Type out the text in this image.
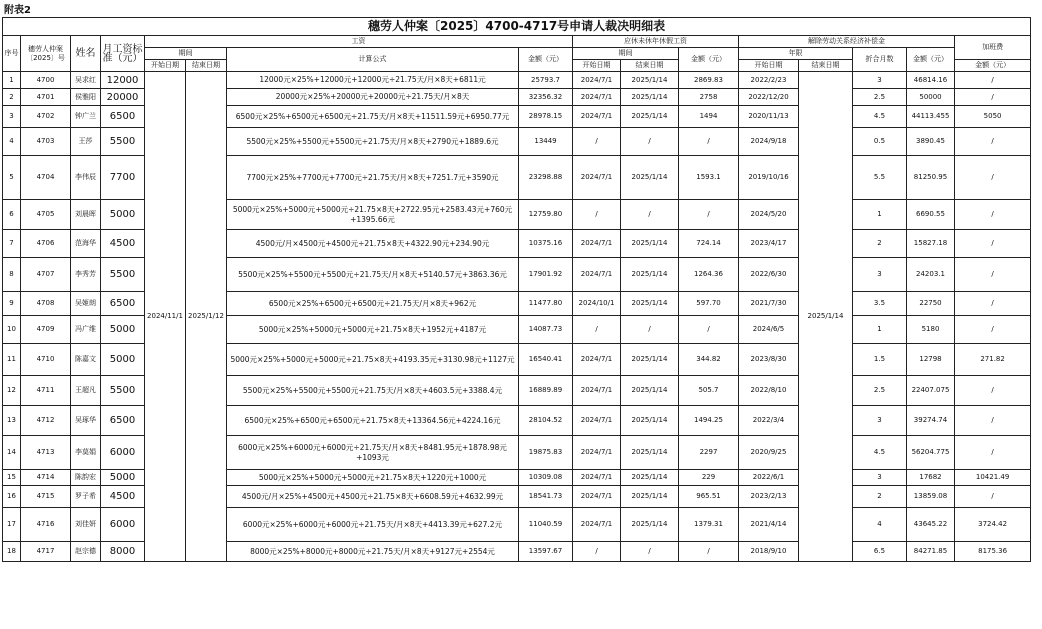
附表2
穗劳人仲案〔2025〕4700-4717号申请人裁决明细表															
序号	穗劳人仲案〔2025〕号	姓名	月工资标准（元）	工资				应休未休年休假工资			解除劳动关系经济补偿金				加班费
				期间		计算公式	金额（元）	期间		金额（元）	年限		折合月数	金额（元）	
				开始日期	结束日期			开始日期	结束日期		开始日期	结束日期			金额（元）
1	4700	吴求红	12000	2024/11/1	2025/1/12	12000元×25%+12000元+12000元÷21.75天/月×8天+6811元	25793.7	2024/7/1	2025/1/14	2869.83	2022/2/23	2025/1/14	3	46814.16	/
2	4701	侯雅阳	20000			20000元×25%+20000元+20000元÷21.75天/月×8天	32356.32	2024/7/1	2025/1/14	2758	2022/12/20		2.5	50000	/
3	4702	钟广兰	6500			6500元×25%+6500元+6500元÷21.75天/月×8天+11511.59元+6950.77元	28978.15	2024/7/1	2025/1/14	1494	2020/11/13		4.5	44113.455	5050
4	4703	王莎	5500			5500元×25%+5500元+5500元÷21.75天/月×8天+2790元+1889.6元	13449	/	/	/	2024/9/18		0.5	3890.45	/
5	4704	李伟辰	7700			7700元×25%+7700元+7700元÷21.75天/月×8天+7251.7元+3590元	23298.88	2024/7/1	2025/1/14	1593.1	2019/10/16		5.5	81250.95	/
6	4705	刘晨晖	5000			5000元×25%+5000元+5000元÷21.75×8天+2722.95元+2583.43元+760元+1395.66元	12759.80	/	/	/	2024/5/20		1	6690.55	/
7	4706	范海华	4500			4500元/月×4500元+4500元÷21.75×8天+4322.90元+234.90元	10375.16	2024/7/1	2025/1/14	724.14	2023/4/17		2	15827.18	/
8	4707	李秀芳	5500			5500元×25%+5500元+5500元÷21.75天/月×8天+5140.57元+3863.36元	17901.92	2024/7/1	2025/1/14	1264.36	2022/6/30		3	24203.1	/
9	4708	吴姬朗	6500			6500元×25%+6500元+6500元÷21.75天/月×8天+962元	11477.80	2024/10/1	2025/1/14	597.70	2021/7/30		3.5	22750	/
10	4709	冯广维	5000			5000元×25%+5000元+5000元÷21.75×8天+1952元+4187元	14087.73	/	/	/	2024/6/5		1	5180	/
11	4710	陈嘉文	5000			5000元×25%+5000元+5000元÷21.75×8天+4193.35元+3130.98元+1127元	16540.41	2024/7/1	2025/1/14	344.82	2023/8/30		1.5	12798	271.82
12	4711	王超凡	5500			5500元×25%+5500元+5500元÷21.75天/月×8天+4603.5元+3388.4元	16889.89	2024/7/1	2025/1/14	505.7	2022/8/10		2.5	22407.075	/
13	4712	吴琢华	6500			6500元×25%+6500元+6500元÷21.75×8天+13364.56元+4224.16元	28104.52	2024/7/1	2025/1/14	1494.25	2022/3/4		3	39274.74	/
14	4713	李莫娟	6000			6000元×25%+6000元+6000元÷21.75天/月×8天+8481.95元+1878.98元+1093元	19875.83	2024/7/1	2025/1/14	2297	2020/9/25		4.5	56204.775	/
15	4714	陈韵宏	5000			5000元×25%+5000元+5000元÷21.75×8天+1220元+1000元	10309.08	2024/7/1	2025/1/14	229	2022/6/1		3	17682	10421.49
16	4715	罗子希	4500			4500元/月×25%+4500元+4500元÷21.75×8天+6608.59元+4632.99元	18541.73	2024/7/1	2025/1/14	965.51	2023/2/13		2	13859.08	/
17	4716	刘佳妍	6000			6000元×25%+6000元+6000元÷21.75天/月×8天+4413.39元+627.2元	11040.59	2024/7/1	2025/1/14	1379.31	2021/4/14		4	43645.22	3724.42
18	4717	赵宗德	8000			8000元×25%+8000元+8000元÷21.75天/月×8天+9127元+2554元	13597.67	/	/	/	2018/9/10		6.5	84271.85	8175.36
